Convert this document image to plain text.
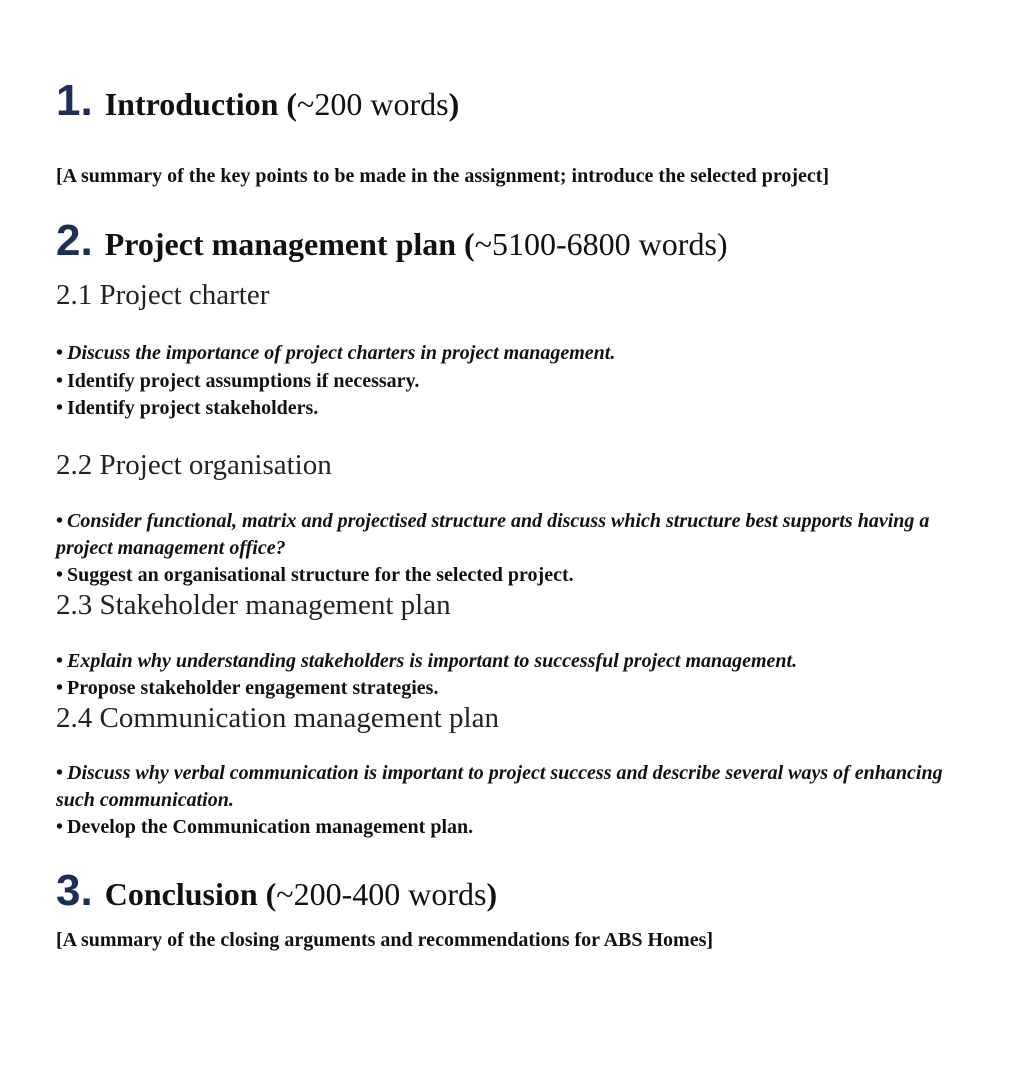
1. Introduction (~200 words)
[A summary of the key points to be made in the assignment; introduce the selected project]
2. Project management plan (~5100-6800 words)
2.1 Project charter
• Discuss the importance of project charters in project management.
• Identify project assumptions if necessary.
• Identify project stakeholders.
2.2 Project organisation
• Consider functional, matrix and projectised structure and discuss which structure best supports having a project management office?
• Suggest an organisational structure for the selected project.
2.3 Stakeholder management plan
• Explain why understanding stakeholders is important to successful project management.
• Propose stakeholder engagement strategies.
2.4 Communication management plan
• Discuss why verbal communication is important to project success and describe several ways of enhancing such communication.
• Develop the Communication management plan.
3. Conclusion (~200-400 words)
[A summary of the closing arguments and recommendations for ABS Homes]
